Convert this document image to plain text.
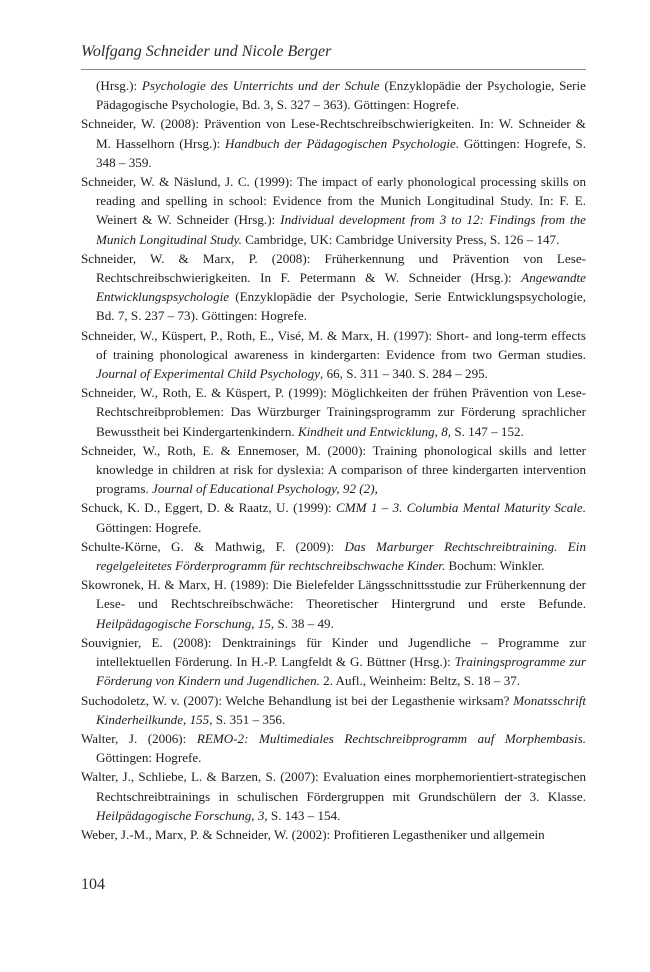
Wolfgang Schneider und Nicole Berger

(Hrsg.): Psychologie des Unterrichts und der Schule (Enzyklopädie der Psychologie, Serie Pädagogische Psychologie, Bd. 3, S. 327 – 363). Göttingen: Hogrefe.

Schneider, W. (2008): Prävention von Lese-Rechtschreibschwierigkeiten. In: W. Schneider & M. Hasselhorn (Hrsg.): Handbuch der Pädagogischen Psychologie. Göttingen: Hogrefe, S. 348 – 359.

Schneider, W. & Näslund, J. C. (1999): The impact of early phonological processing skills on reading and spelling in school: Evidence from the Munich Longitudinal Study. In: F. E. Weinert & W. Schneider (Hrsg.): Individual development from 3 to 12: Findings from the Munich Longitudinal Study. Cambridge, UK: Cambridge University Press, S. 126 – 147.

Schneider, W. & Marx, P. (2008): Früherkennung und Prävention von Lese-Rechtschreibschwierigkeiten. In F. Petermann & W. Schneider (Hrsg.): Angewandte Entwicklungspsychologie (Enzyklopädie der Psychologie, Serie Entwicklungspsychologie, Bd. 7, S. 237 – 73). Göttingen: Hogrefe.

Schneider, W., Küspert, P., Roth, E., Visé, M. & Marx, H. (1997): Short- and long-term effects of training phonological awareness in kindergarten: Evidence from two German studies. Journal of Experimental Child Psychology, 66, S. 311 – 340. S. 284 – 295.

Schneider, W., Roth, E. & Küspert, P. (1999): Möglichkeiten der frühen Prävention von Lese-Rechtschreibproblemen: Das Würzburger Trainingsprogramm zur Förderung sprachlicher Bewusstheit bei Kindergartenkindern. Kindheit und Entwicklung, 8, S. 147 – 152.

Schneider, W., Roth, E. & Ennemoser, M. (2000): Training phonological skills and letter knowledge in children at risk for dyslexia: A comparison of three kindergarten intervention programs. Journal of Educational Psychology, 92 (2),

Schuck, K. D., Eggert, D. & Raatz, U. (1999): CMM 1 – 3. Columbia Mental Maturity Scale. Göttingen: Hogrefe.

Schulte-Körne, G. & Mathwig, F. (2009): Das Marburger Rechtschreibtraining. Ein regelgeleitetes Förderprogramm für rechtschreibschwache Kinder. Bochum: Winkler.

Skowronek, H. & Marx, H. (1989): Die Bielefelder Längsschnittsstudie zur Früherkennung der Lese- und Rechtschreibschwäche: Theoretischer Hintergrund und erste Befunde. Heilpädagogische Forschung, 15, S. 38 – 49.

Souvignier, E. (2008): Denktrainings für Kinder und Jugendliche – Programme zur intellektuellen Förderung. In H.-P. Langfeldt & G. Büttner (Hrsg.): Trainingsprogramme zur Förderung von Kindern und Jugendlichen. 2. Aufl., Weinheim: Beltz, S. 18 – 37.

Suchodoletz, W. v. (2007): Welche Behandlung ist bei der Legasthenie wirksam? Monatsschrift Kinderheilkunde, 155, S. 351 – 356.

Walter, J. (2006): REMO-2: Multimediales Rechtschreibprogramm auf Morphembasis. Göttingen: Hogrefe.

Walter, J., Schliebe, L. & Barzen, S. (2007): Evaluation eines morphemorientiert-strategischen Rechtschreibtrainings in schulischen Fördergruppen mit Grundschülern der 3. Klasse. Heilpädagogische Forschung, 3, S. 143 – 154.

Weber, J.-M., Marx, P. & Schneider, W. (2002): Profitieren Legastheniker und allgemein

104
